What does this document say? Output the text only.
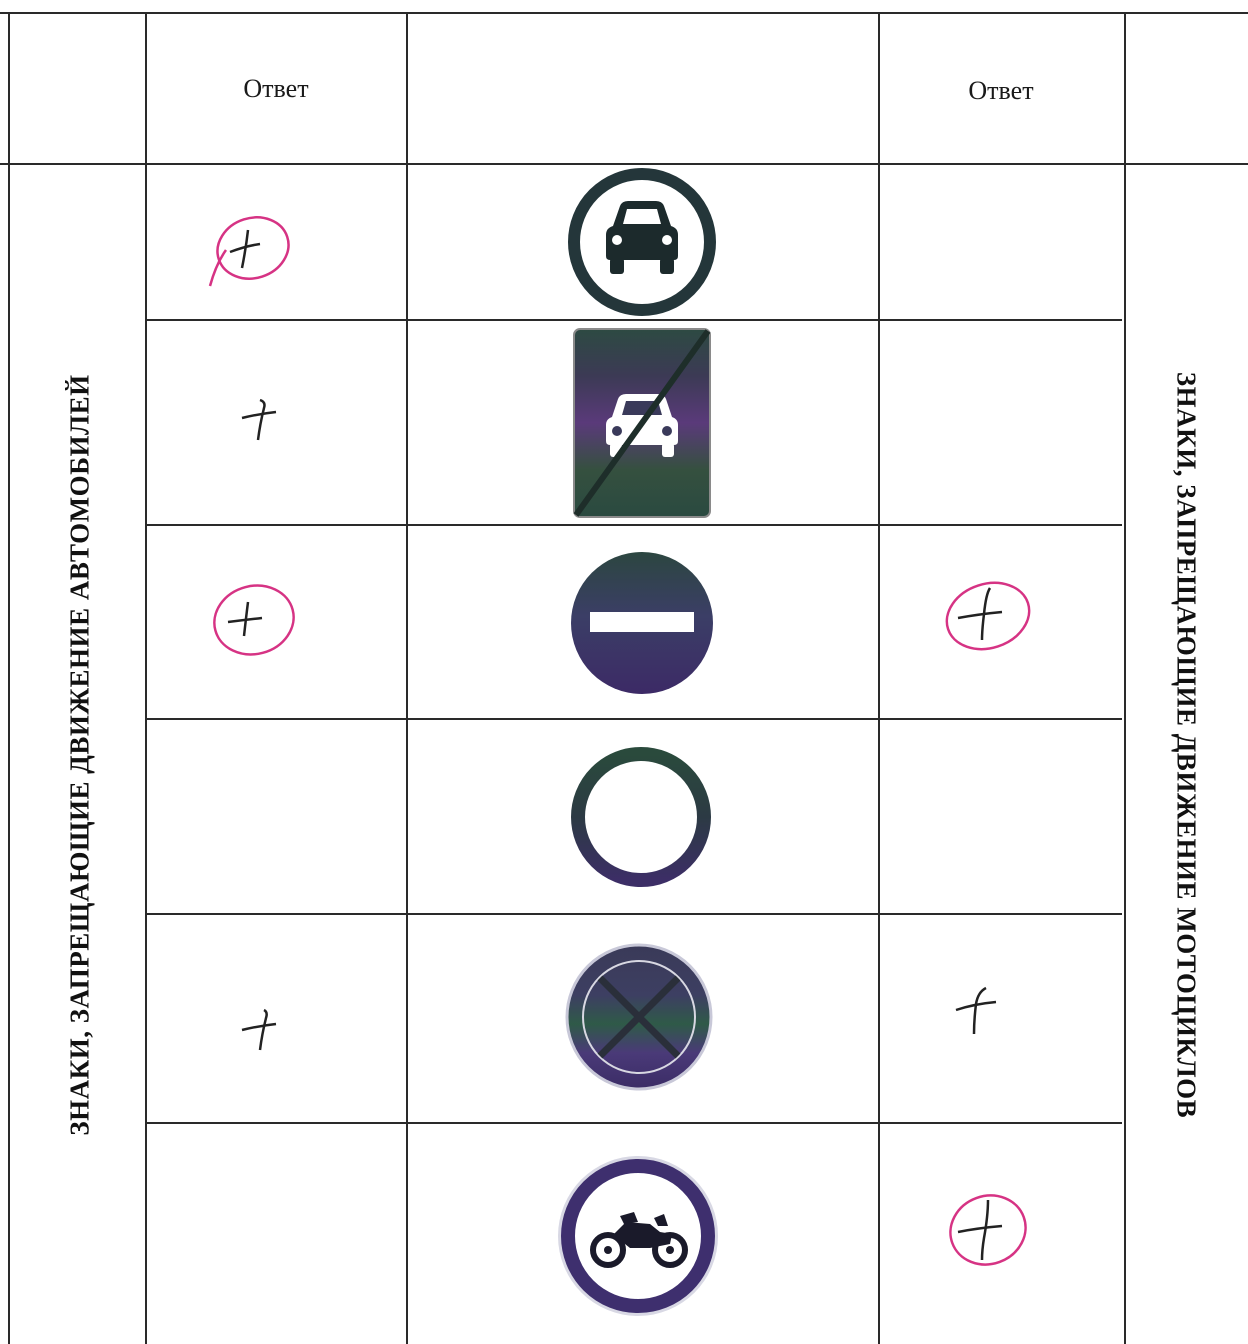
Ответ	Ответ
ЗНАКИ, ЗАПРЕЩАЮЩИЕ ДВИЖЕНИЕ АВТОМОБИЛЕЙ	ЗНАКИ, ЗАПРЕЩАЮЩИЕ ДВИЖЕНИЕ МОТОЦИКЛОВ
